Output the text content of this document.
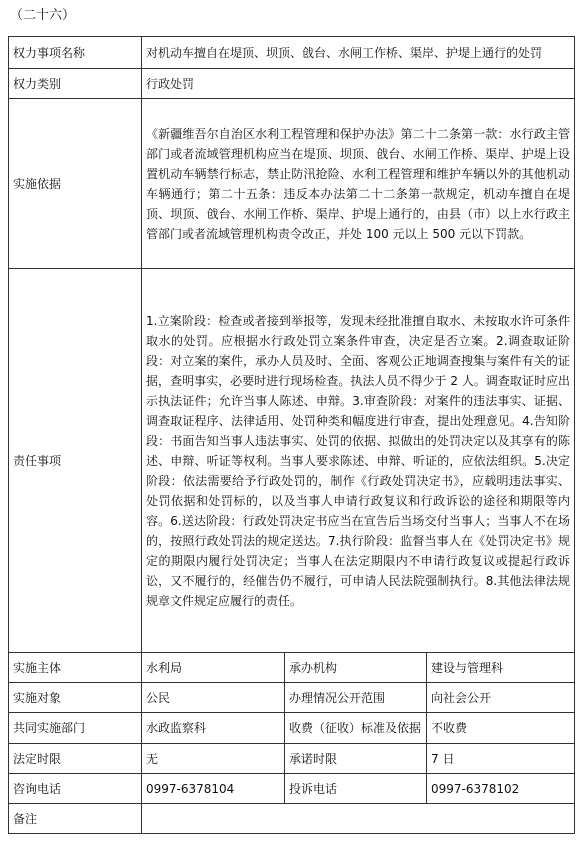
（二十六）
权力事项名称	对机动车擅自在堤顶、坝顶、戗台、水闸工作桥、渠岸、护堤上通行的处罚		
权力类别	行政处罚		
实施依据	《新疆维吾尔自治区水利工程管理和保护办法》第二十二条第一款：水行政主管部门或者流域管理机构应当在堤顶、坝顶、戗台、水闸工作桥、渠岸、护堤上设置机动车辆禁行标志，禁止防汛抢险、水利工程管理和维护车辆以外的其他机动车辆通行；第二十五条：违反本办法第二十二条第一款规定，机动车擅自在堤顶、坝顶、戗台、水闸工作桥、渠岸、护堤上通行的，由县（市）以上水行政主管部门或者流域管理机构责令改正，并处 100 元以上 500 元以下罚款。		
责任事项	1.立案阶段：检查或者接到举报等，发现未经批准擅自取水、未按取水许可条件取水的处罚。应根据水行政处罚立案条件审查，决定是否立案。2.调查取证阶段：对立案的案件，承办人员及时、全面、客观公正地调查搜集与案件有关的证据，查明事实，必要时进行现场检查。执法人员不得少于 2 人。调查取证时应出示执法证件；允许当事人陈述、申辩。3.审查阶段：对案件的违法事实、证据、调查取证程序、法律适用、处罚种类和幅度进行审查，提出处理意见。4.告知阶段：书面告知当事人违法事实、处罚的依据、拟做出的处罚决定以及其享有的陈述、申辩、听证等权利。当事人要求陈述、申辩、听证的，应依法组织。5.决定阶段：依法需要给予行政处罚的，制作《行政处罚决定书》，应载明违法事实、处罚依据和处罚标的，以及当事人申请行政复议和行政诉讼的途径和期限等内容。6.送达阶段：行政处罚决定书应当在宣告后当场交付当事人；当事人不在场的，按照行政处罚法的规定送达。7.执行阶段：监督当事人在《处罚决定书》规定的期限内履行处罚决定；当事人在法定期限内不申请行政复议或提起行政诉讼，又不履行的，经催告仍不履行，可申请人民法院强制执行。8.其他法律法规规章文件规定应履行的责任。		
实施主体	水利局	承办机构	建设与管理科
实施对象	公民	办理情况公开范围	向社会公开
共同实施部门	水政监察科	收费（征收）标准及依据	不收费
法定时限	无	承诺时限	7 日
咨询电话	0997-6378104	投诉电话	0997-6378102
备注			
